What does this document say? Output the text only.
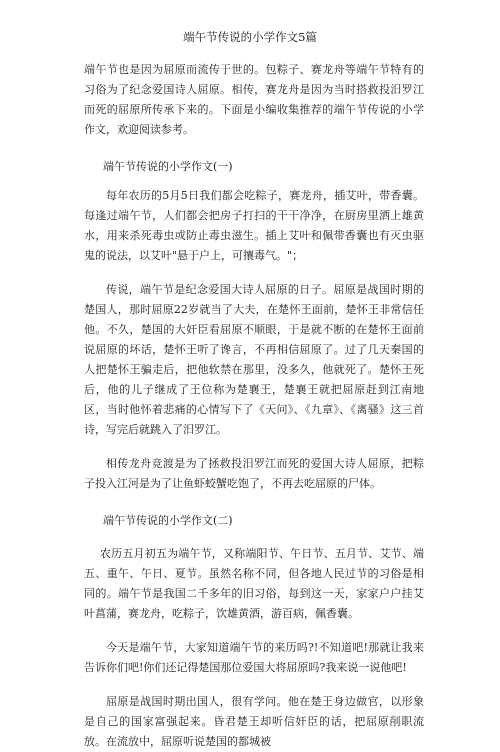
端午节传说的小学作文5篇
端午节也是因为屈原而流传于世的。包粽子、赛龙舟等端午节特有的习俗为了纪念爱国诗人屈原。相传，赛龙舟是因为当时搭救投汨罗江而死的屈原所传承下来的。下面是小编收集推荐的端午节传说的小学作文，欢迎阅读参考。
端午节传说的小学作文(一)
每年农历的5月5日我们都会吃粽子，赛龙舟，插艾叶，带香囊。每逢过端午节，人们都会把房子打扫的干干净净，在厨房里洒上雄黄水，用来杀死毒虫或防止毒虫滋生。插上艾叶和佩带香囊也有灭虫驱鬼的说法，以艾叶"悬于户上，可攘毒气。"；
传说，端午节是纪念爱国大诗人屈原的日子。屈原是战国时期的楚国人，那时屈原22岁就当了大夫，在楚怀王面前，楚怀王非常信任他。不久，楚国的大奸臣看屈原不顺眼，于是就不断的在楚怀王面前说屈原的坏话，楚怀王听了谗言，不再相信屈原了。过了几天秦国的人把楚怀王骗走后，把他软禁在那里，没多久，他就死了。楚怀王死后，他的儿子继成了王位称为楚襄王，楚襄王就把屈原赶到江南地区，当时他怀着悲痛的心情写下了《天问》、《九章》、《离骚》这三首诗，写完后就跳入了汨罗江。
相传龙舟竞渡是为了拯救投汨罗江而死的爱国大诗人屈原，把粽子投入江河是为了让鱼虾蛟蟹吃饱了，不再去吃屈原的尸体。
端午节传说的小学作文(二)
农历五月初五为端午节，又称端阳节、午日节、五月节、艾节、端五、重午、午日、夏节。虽然名称不同，但各地人民过节的习俗是相同的。端午节是我国二千多年的旧习俗，每到这一天，家家户户挂艾叶菖蒲，赛龙舟，吃粽子，饮雄黄酒，游百病，佩香囊。
今天是端午节，大家知道端午节的来历吗?!不知道吧!那就让我来告诉你们吧!你们还记得楚国那位爱国大将屈原吗?我来说一说他吧!
屈原是战国时期出国人，很有学问。他在楚王身边做官，以形象是自己的国家富强起来。昏君楚王却听信奸臣的话，把屈原削职流放。在流放中，屈原听说楚国的都城被
